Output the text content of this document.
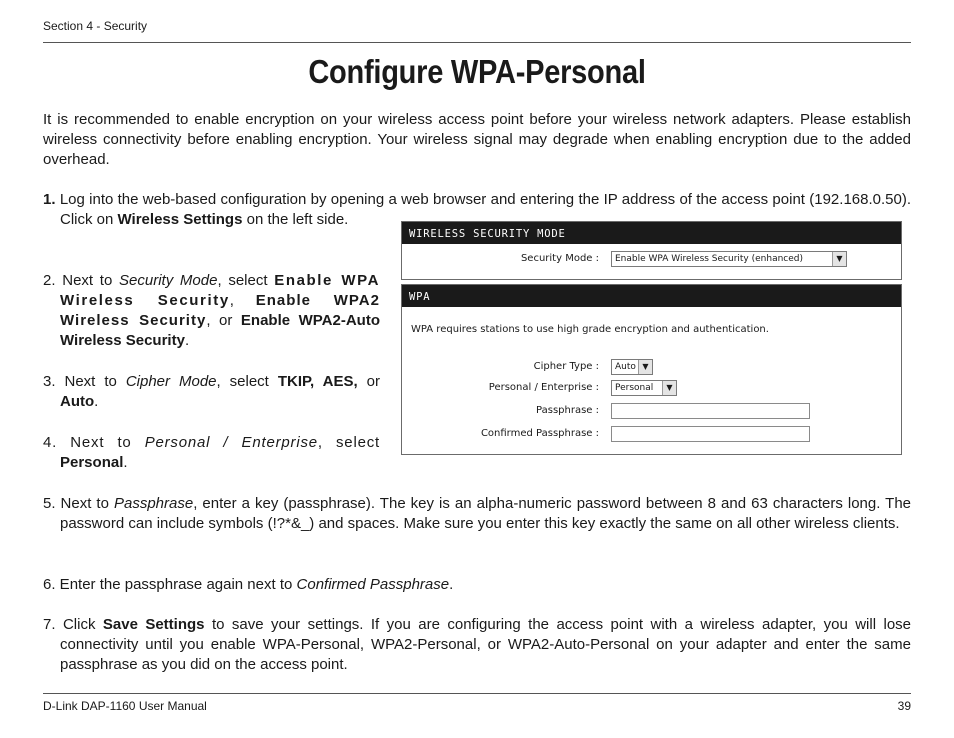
Section 4 - Security
Configure WPA-Personal

It is recommended to enable encryption on your wireless access point before your wireless network adapters. Please establish wireless connectivity before enabling encryption. Your wireless signal may degrade when enabling encryption due to the added overhead.

1. Log into the web-based configuration by opening a web browser and entering the IP address of the access point (192.168.0.50). Click on Wireless Settings on the left side.

2. Next to Security Mode, select Enable WPA Wireless Security, Enable WPA2 Wireless Security, or Enable WPA2-Auto Wireless Security.

3. Next to Cipher Mode, select TKIP, AES, or Auto.

4. Next to Personal / Enterprise, select Personal.

5. Next to Passphrase, enter a key (passphrase). The key is an alpha-numeric password between 8 and 63 characters long. The password can include symbols (!?*&_) and spaces. Make sure you enter this key exactly the same on all other wireless clients.

6. Enter the passphrase again next to Confirmed Passphrase.

7. Click Save Settings to save your settings. If you are configuring the access point with a wireless adapter, you will lose connectivity until you enable WPA-Personal, WPA2-Personal, or WPA2-Auto-Personal on your adapter and enter the same passphrase as you did on the access point.

WIRELESS SECURITY MODE
Security Mode :	Enable WPA Wireless Security (enhanced)	▼
WPA
WPA requires stations to use high grade encryption and authentication.
Cipher Type :	Auto ▼
Personal / Enterprise :	Personal	▼
Passphrase :
Confirmed Passphrase :
D-Link DAP-1160 User Manual	39
